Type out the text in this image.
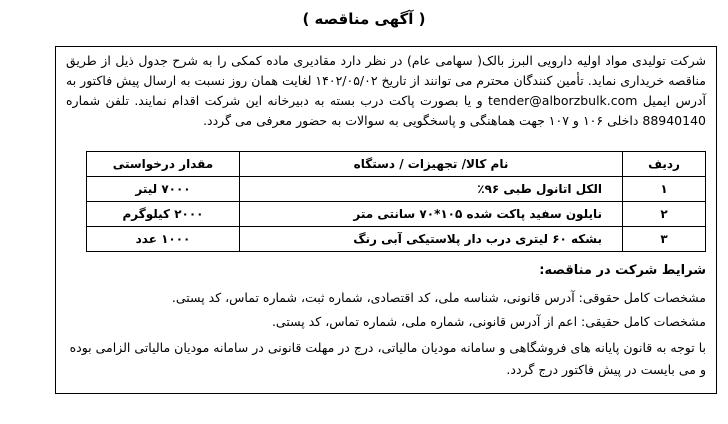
( آگهی مناقصه )
شرکت تولیدی مواد اولیه دارویی البرز بالک( سهامی عام) در نظر دارد مقادیری ماده کمکی را به شرح جدول ذیل از طریق مناقصه خریداری نماید. تأمین کنندگان محترم می توانند از تاریخ ۱۴۰۲/۰۵/۰۲ لغایت همان روز نسبت به ارسال پیش فاکتور به آدرس ایمیل tender@alborzbulk.com و یا بصورت پاکت درب بسته به دبیرخانه این شرکت اقدام نمایند. تلفن شماره 88940140 داخلی ۱۰۶ و ۱۰۷ جهت هماهنگی و پاسخگویی به سوالات به حضور معرفی می گردد.
ردیف	نام کالا/ تجهیزات / دستگاه	مقدار درخواستی
۱	الکل اتانول طبی ۹۶٪	۷۰۰۰ لیتر
۲	نایلون سفید پاکت شده ۱۰۵*۷۰ سانتی متر	۲۰۰۰ کیلوگرم
۳	بشکه ۶۰ لیتری درب دار پلاستیکی آبی رنگ	۱۰۰۰ عدد
شرایط شرکت در مناقصه:
مشخصات کامل حقوقی: آدرس قانونی، شناسه ملی، کد اقتصادی، شماره ثبت، شماره تماس، کد پستی.
مشخصات کامل حقیقی: اعم از آدرس قانونی، شماره ملی، شماره تماس، کد پستی.
با توجه به قانون پایانه های فروشگاهی و سامانه مودیان مالیاتی، درج در مهلت قانونی در سامانه مودیان مالیاتی الزامی بوده و می بایست در پیش فاکتور درج گردد.
